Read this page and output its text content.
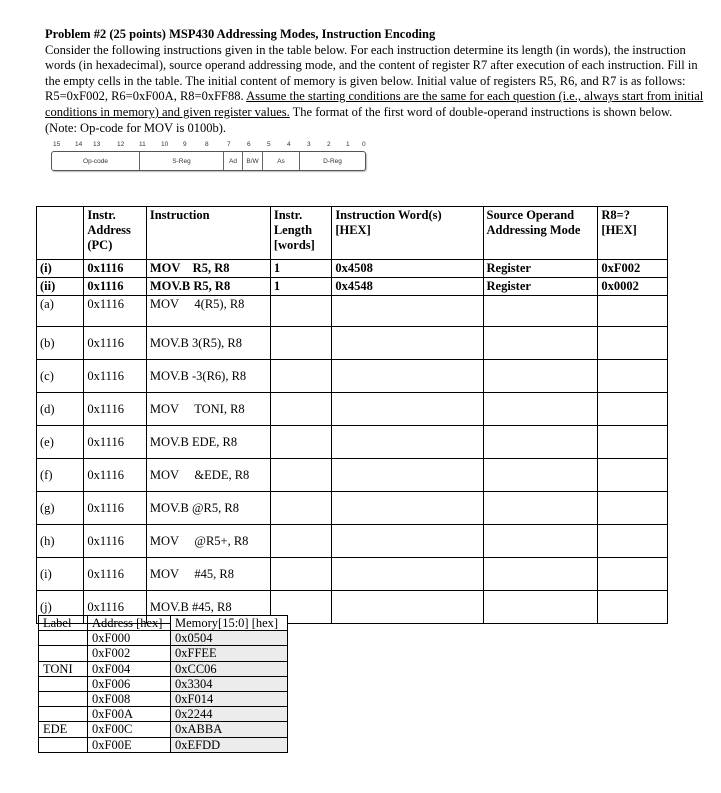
Problem #2 (25 points) MSP430 Addressing Modes, Instruction Encoding

Consider the following instructions given in the table below. For each instruction determine its length (in words), the instruction words (in hexadecimal), source operand addressing mode, and the content of register R7 after execution of each instruction. Fill in the empty cells in the table. The initial content of memory is given below. Initial value of registers R5, R6, and R7 is as follows: R5=0xF002, R6=0xF00A, R8=0xFF88. Assume the starting conditions are the same for each question (i.e., always start from initial conditions in memory) and given register values. The format of the first word of double-operand instructions is shown below. (Note: Op-code for MOV is 0100b).

15 14 13	12 11 10 9	8	7	6	5	4	3	2 1 0
Op-code	S-Reg	Ad	B/W	As	D-Reg
	Instr. Address (PC)	Instruction	Instr. Length [words]	Instruction Word(s) [HEX]	Source Operand Addressing Mode	R8=? [HEX]
(i)	0x1116	MOV    R5, R8	1	0x4508	Register	0xF002
(ii)	0x1116	MOV.B R5, R8	1	0x4548	Register	0x0002
(a)	0x1116	MOV     4(R5), R8				
(b)	0x1116	MOV.B 3(R5), R8				
(c)	0x1116	MOV.B -3(R6), R8				
(d)	0x1116	MOV     TONI, R8				
(e)	0x1116	MOV.B EDE, R8				
(f)	0x1116	MOV     &EDE, R8				
(g)	0x1116	MOV.B @R5, R8				
(h)	0x1116	MOV     @R5+, R8				
(i)	0x1116	MOV     #45, R8				
(j)	0x1116	MOV.B #45, R8				
Label	Address [hex]	Memory[15:0] [hex]
	0xF000	0x0504
	0xF002	0xFFEE
TONI	0xF004	0xCC06
	0xF006	0x3304
	0xF008	0xF014
	0xF00A	0x2244
EDE	0xF00C	0xABBA
	0xF00E	0xEFDD
